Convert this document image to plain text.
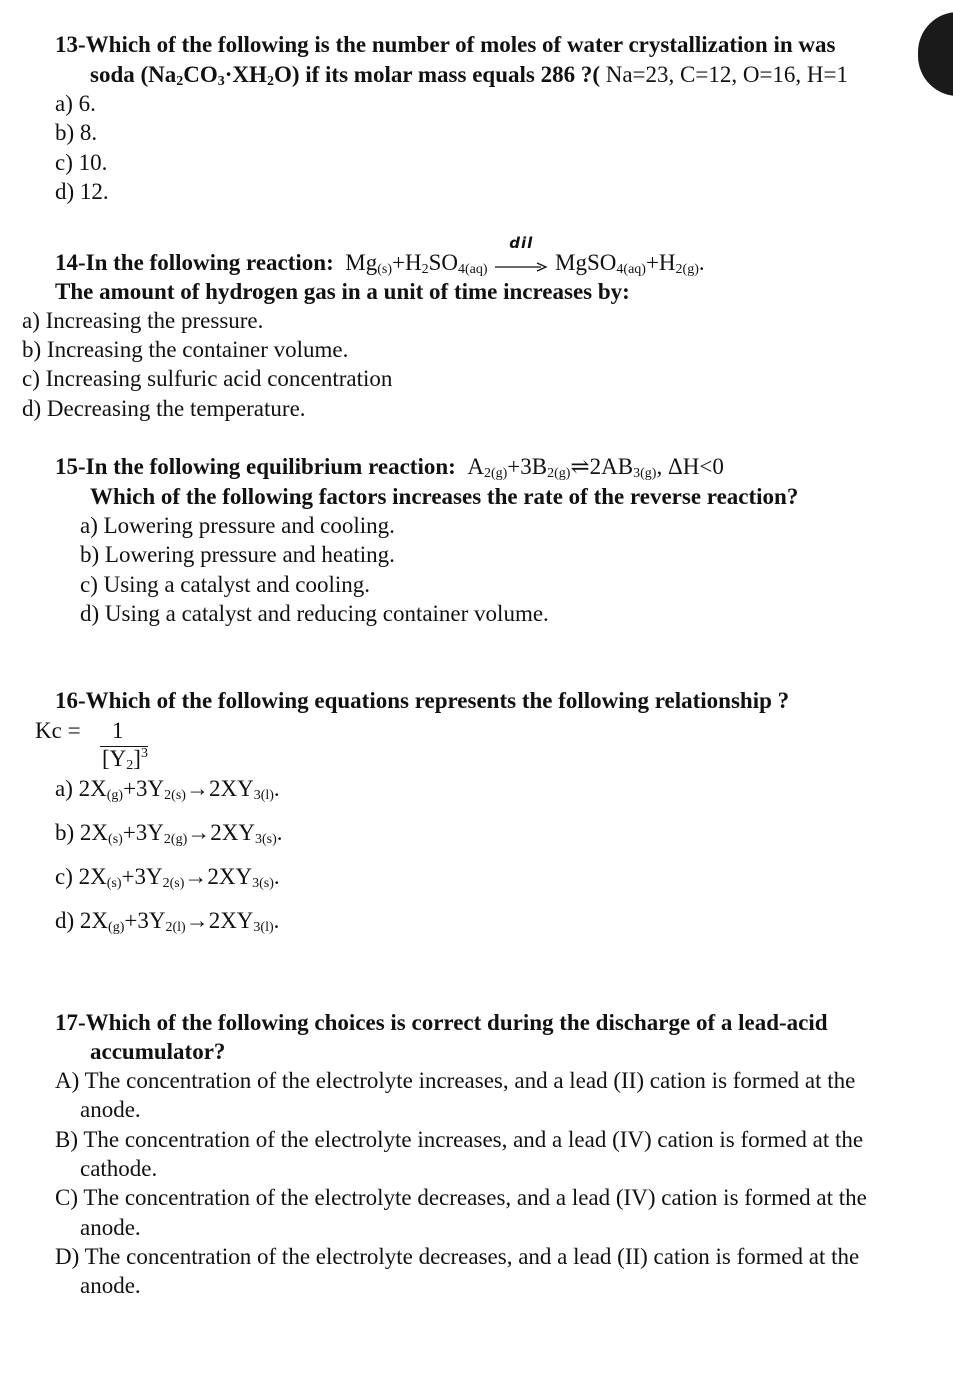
13-Which of the following is the number of moles of water crystallization in was
soda $(Na_2CO_3\cdot XH_2O)$ if its molar mass equals 286 ?( Na=23, C=12, O=16, H=1
a) 6.
b) 8.
c) 10.
d) 12.
14-In the following reaction: $Mg_{(s)}+H_2SO_{4(aq)}$
dil
$MgSO_{4(aq)}+H_{2(g)}$.
The amount of hydrogen gas in a unit of time increases by:
a) Increasing the pressure.
b) Increasing the container volume.
c) Increasing sulfuric acid concentration
d) Decreasing the temperature.
15-In the following equilibrium reaction: $A_{2(g)}+3B_{2(g)}\rightleftharpoons 2AB_{3(g)}$, ΔH<0
Which of the following factors increases the rate of the reverse reaction?
a) Lowering pressure and cooling.
b) Lowering pressure and heating.
c) Using a catalyst and cooling.
d) Using a catalyst and reducing container volume.
16-Which of the following equations represents the following relationship ?
Kc = 1
$[Y_2]^3$
a) $2X_{(g)}+3Y_{2(s)}\to 2XY_{3(l)}$.
b) $2X_{(s)}+3Y_{2(g)}\to 2XY_{3(s)}$.
c) $2X_{(s)}+3Y_{2(s)}\to 2XY_{3(s)}$.
d) $2X_{(g)}+3Y_{2(l)}\to 2XY_{3(l)}$.
17-Which of the following choices is correct during the discharge of a lead-acid
accumulator?
A) The concentration of the electrolyte increases, and a lead (II) cation is formed at the
anode.
B) The concentration of the electrolyte increases, and a lead (IV) cation is formed at the
cathode.
C) The concentration of the electrolyte decreases, and a lead (IV) cation is formed at the
anode.
D) The concentration of the electrolyte decreases, and a lead (II) cation is formed at the
anode.
